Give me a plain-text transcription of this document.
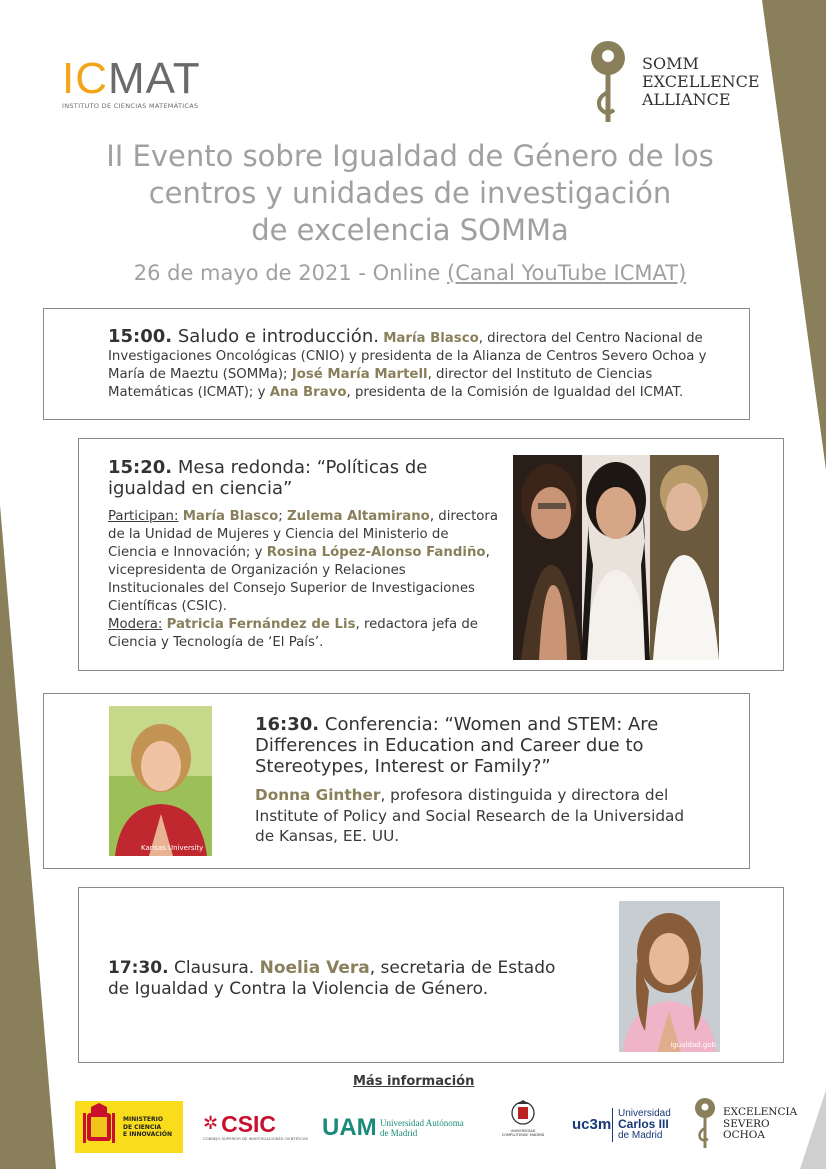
ICMAT
INSTITUTO DE CIENCIAS MATEMÁTICAS
SOMM
EXCELLENCE
ALLIANCE
II Evento sobre Igualdad de Género de los
centros y unidades de investigación
de excelencia SOMMa
26 de mayo de 2021 - Online (Canal YouTube ICMAT)
15:00. Saludo e introducción. María Blasco, directora del Centro Nacional de
Investigaciones Oncológicas (CNIO) y presidenta de la Alianza de Centros Severo Ochoa y
María de Maeztu (SOMMa); José María Martell, director del Instituto de Ciencias
Matemáticas (ICMAT); y Ana Bravo, presidenta de la Comisión de Igualdad del ICMAT.
15:20. Mesa redonda: “Políticas de
igualdad en ciencia”
Participan: María Blasco; Zulema Altamirano, directora
de la Unidad de Mujeres y Ciencia del Ministerio de
Ciencia e Innovación; y Rosina López-Alonso Fandiño,
vicepresidenta de Organización y Relaciones
Institucionales del Consejo Superior de Investigaciones
Científicas (CSIC).
Modera: Patricia Fernández de Lis, redactora jefa de
Ciencia y Tecnología de ‘El País’.
Kansas University
16:30. Conferencia: “Women and STEM: Are
Differences in Education and Career due to
Stereotypes, Interest or Family?”
Donna Ginther, profesora distinguida y directora del
Institute of Policy and Social Research de la Universidad
de Kansas, EE. UU.
17:30. Clausura. Noelia Vera, secretaria de Estado
de Igualdad y Contra la Violencia de Género.
igualdad.gob
Más información
MINISTERIO
DE CIENCIA
E INNOVACIÓN
✲ CSIC
CONSEJO SUPERIOR DE INVESTIGACIONES CIENTÍFICAS UAM Universidad Autónoma
de Madrid	UNIVERSIDAD COMPLUTENSE MADRID
uc3m
Universidad
Carlos III
de Madrid
EXCELENCIA
SEVERO
OCHOA
